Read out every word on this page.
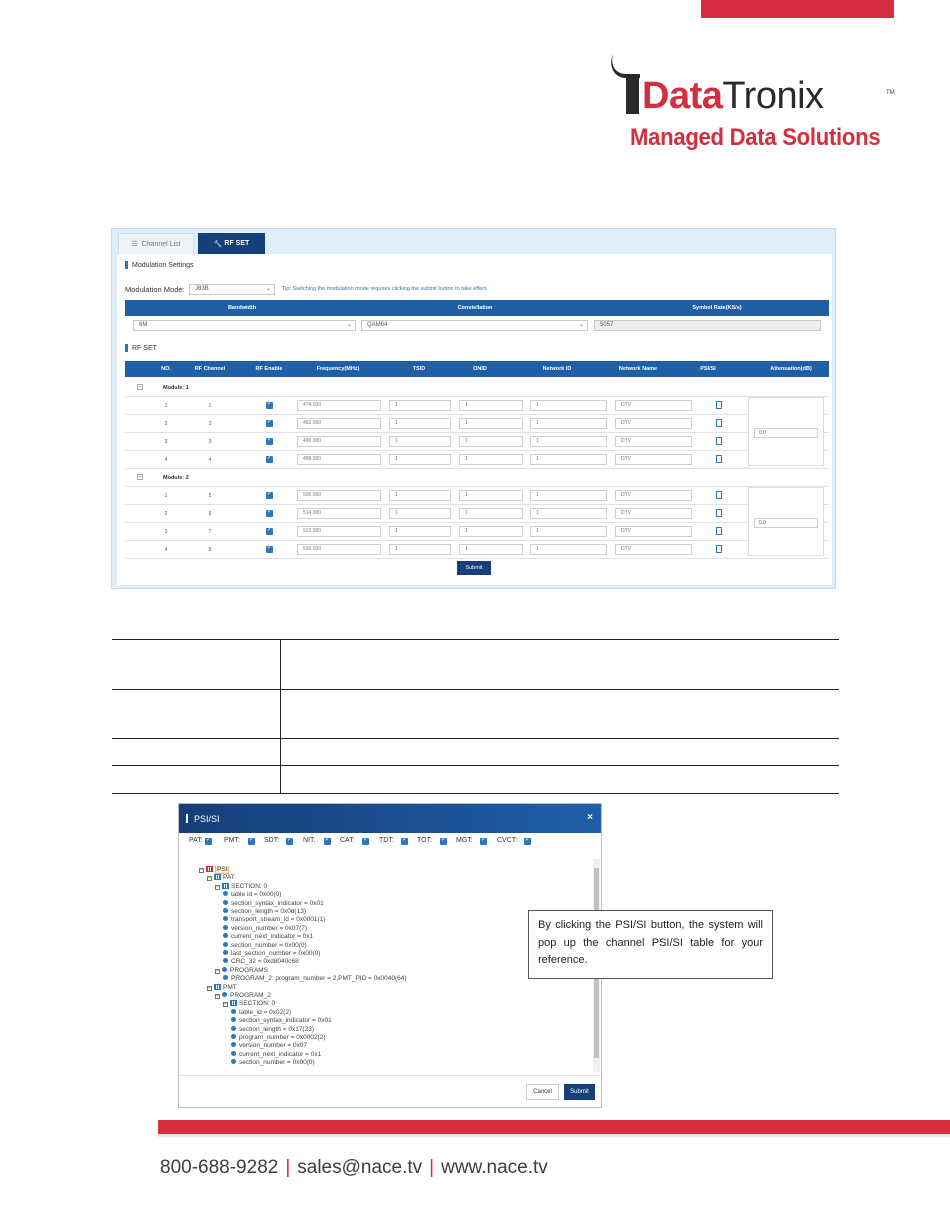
DataTronix	TM
Managed Data Solutions
☰ Channel List	🔧 RF SET
Modulation Settings
Modulation Mode:	J83B	⌄ Tip: Switching the modulation mode requires clicking the submit button to take effect
Bandwidth	Constellation	Symbol Rate(KS/s)
6M	⌄	QAM64	⌄	5057
RF SET
NO.	RF Channel	RF Enable	Frequency(MHz)	TSID	ONID	Network ID	Network Name	PSI/SI	Attenuation(dB)
−	Module: 1
1	1 ✓	474.000	1	1	1	DTV
2	2 ✓	482.000	1	1	1	DTV
3	3 ✓	490.000	1	1	1	DTV
4	4 ✓	498.000	1	1	1	DTV
0.0
−	Module: 2
1	5 ✓	506.000	1	1	1	DTV
2	6 ✓	514.000	1	1	1	DTV
3	7 ✓	522.000	1	1	1	DTV
4	8 ✓	530.000	1	1	1	DTV
0.0
Submit
PSI/SI	×
PAT: ✓	PMT: ✓	SDT: ✓	NIT: ✓	CAT: ✓	TDT: ✓	TOT: ✓	MGT: ✓	CVCT:
✓
− PSI
− PAT
− SECTION: 0
table id = 0x00(0)
section_syntax_indicator = 0x01
section_length = 0x0d(13)
transport_stream_id = 0x0001(1)
version_number = 0x07(7)
current_next_indicator = 0x1
section_number = 0x00(0)
last_section_number = 0x00(0)
CRC_32 = 0xd8040c68
− PROGRAMS
PROGRAM_2: program_number = 2,PMT_PID = 0x0040(64)
− PMT
− PROGRAM_2
− SECTION: 0
table_id = 0x02(2)
section_syntax_indicator = 0x01
section_length = 0x17(23)
program_number = 0x0002(2)
version_number = 0x07
current_next_indicator = 0x1
section_number = 0x00(0)
Cancel	Submit
By clicking the PSI/SI button, the system will pop up the channel PSI/SI table for your reference.
800-688-9282 | sales@nace.tv | www.nace.tv
